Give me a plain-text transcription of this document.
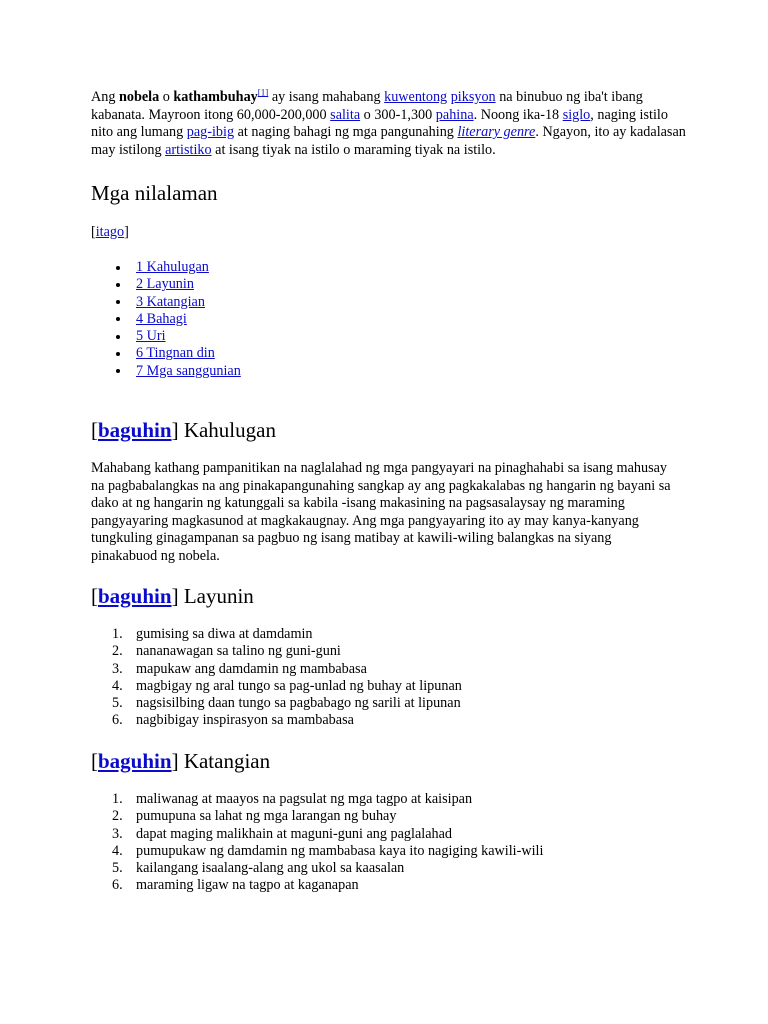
Ang nobela o kathambuhay[1] ay isang mahabang kuwentong piksyon na binubuo ng iba't ibang kabanata. Mayroon itong 60,000-200,000 salita o 300-1,300 pahina. Noong ika-18 siglo, naging istilo nito ang lumang pag-ibig at naging bahagi ng mga pangunahing literary genre. Ngayon, ito ay kadalasan may istilong artistiko at isang tiyak na istilo o maraming tiyak na istilo.

Mga nilalaman

[itago]

1 Kahulugan
2 Layunin
3 Katangian
4 Bahagi
5 Uri
6 Tingnan din
7 Mga sanggunian
[baguhin] Kahulugan

Mahabang kathang pampanitikan na naglalahad ng mga pangyayari na pinaghahabi sa isang mahusay na pagbabalangkas na ang pinakapangunahing sangkap ay ang pagkakalabas ng hangarin ng bayani sa dako at ng hangarin ng katunggali sa kabila -isang makasining na pagsasalaysay ng maraming pangyayaring magkasunod at magkakaugnay. Ang mga pangyayaring ito ay may kanya-kanyang tungkuling ginagampanan sa pagbuo ng isang matibay at kawili-wiling balangkas na siyang pinakabuod ng nobela.

[baguhin] Layunin
1. gumising sa diwa at damdamin
2. nananawagan sa talino ng guni-guni
3. mapukaw ang damdamin ng mambabasa
4. magbigay ng aral tungo sa pag-unlad ng buhay at lipunan
5. nagsisilbing daan tungo sa pagbabago ng sarili at lipunan
6. nagbibigay inspirasyon sa mambabasa
[baguhin] Katangian
1. maliwanag at maayos na pagsulat ng mga tagpo at kaisipan
2. pumupuna sa lahat ng mga larangan ng buhay
3. dapat maging malikhain at maguni-guni ang paglalahad
4. pumupukaw ng damdamin ng mambabasa kaya ito nagiging kawili-wili
5. kailangang isaalang-alang ang ukol sa kaasalan
6. maraming ligaw na tagpo at kaganapan
